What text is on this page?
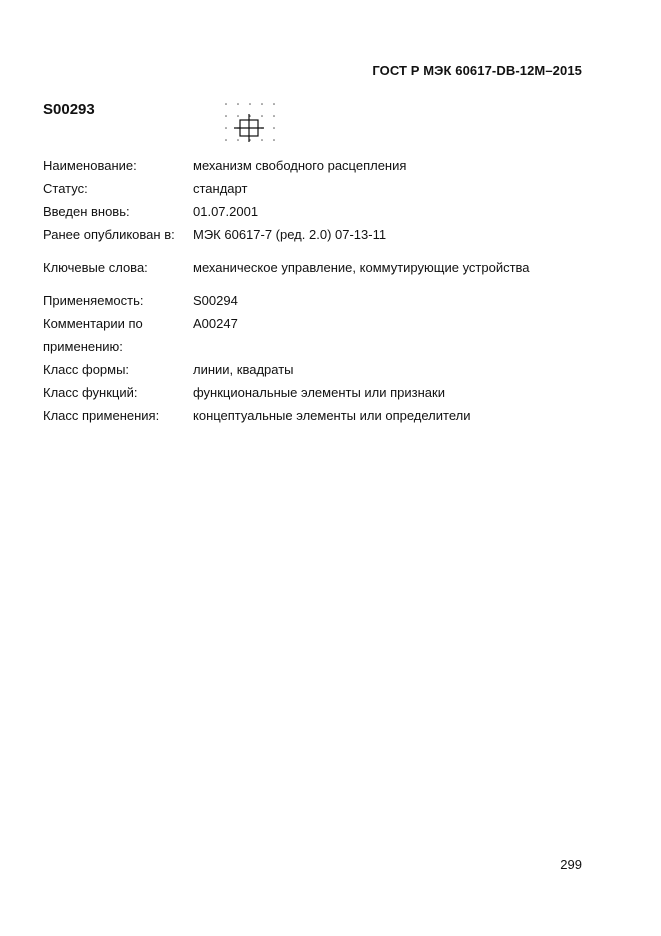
ГОСТ Р МЭК 60617-DB-12M–2015
S00293
Наименование:	механизм свободного расцепления
Статус:	стандарт
Введен вновь:	01.07.2001
Ранее опубликован в:	МЭК 60617-7 (ред. 2.0) 07-13-11
Ключевые слова:	механическое управление, коммутирующие устройства
Применяемость:	S00294
Комментарии по	A00247
применению:
Класс формы:	линии, квадраты
Класс функций:	функциональные элементы или признаки
Класс применения:	концептуальные элементы или определители
299
